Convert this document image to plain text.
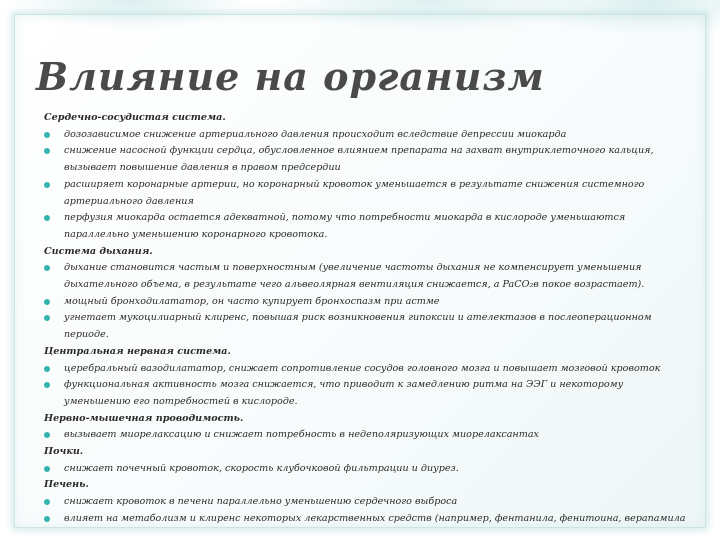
Влияние на организм
Сердечно-сосудистая система.
дозозависимое снижение артериального давления происходит вследствие депрессии миокарда
снижение насосной функции сердца, обусловленное влиянием препарата на захват внутриклеточного кальция,
вызывает повышение давления в правом предсердии
расширяет коронарные артерии, но коронарный кровоток уменьшается в результате снижения системного
артериального давления
перфузия миокарда остается адекватной, потому что потребности миокарда в кислороде уменьшаются
параллельно уменьшению коронарного кровотока.
Система дыхания.
дыхание становится частым и поверхностным (увеличение частоты дыхания не компенсирует уменьшения
дыхательного объема, в результате чего альвеолярная вентиляция снижается, а PaCO₂в покое возрастает).
мощный бронходилататор, он часто купирует бронхоспазм при астме
угнетает мукоцилиарный клиренс, повышая риск возникновения гипоксии и ателектазов в послеоперационном
периоде.
Центральная нервная система.
церебральный вазодилататор, снижает сопротивление сосудов головного мозга и повышает мозговой кровоток
функциональная активность мозга снижается, что приводит к замедлению ритма на ЭЭГ и некоторому
уменьшению его потребностей в кислороде.
Нервно-мышечная проводимость.
вызывает миорелаксацию и снижает потребность в недеполяризующих миорелаксантах
Почки.
снижает почечный кровоток, скорость клубочковой фильтрации и диурез.
Печень.
снижает кровоток в печени параллельно уменьшению сердечного выброса
влияет на метаболизм и клиренс некоторых лекарственных средств (например, фентанила, фенитоина, верапамила
